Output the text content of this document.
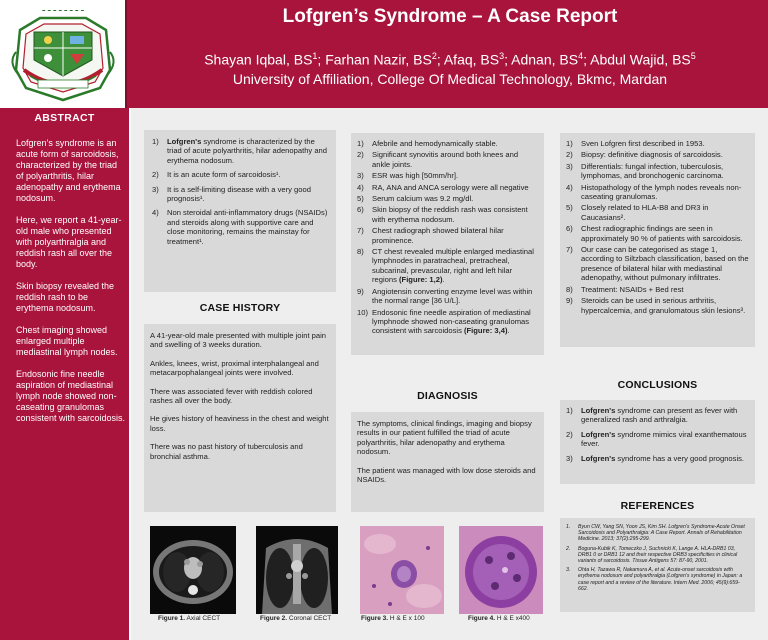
ـ ـ ـ ـ ـ ـ ـ ـ	Lofgren’s Syndrome – A Case Report
Shayan Iqbal, $BS^1$; Farhan Nazir, $BS^2$; Afaq, $BS^3$; Adnan, $BS^4$; Abdul Wajid, $BS^5$
University of Affiliation, College Of Medical Technology, Bkmc, Mardan
ABSTRACT

Lofgren’s syndrome is an acute form of sarcoidosis, characterized by the triad of polyarthritis, hilar adenopathy and erythema nodosum.

Here, we report a 41-year-old male who presented with polyarthralgia and reddish rash all over the body.

Skin biopsy revealed the reddish rash to be erythema nodosum.

Chest imaging showed enlarged multiple mediastinal lymph nodes.

Endosonic fine needle aspiration of mediastinal lymph node showed non-caseating granulomas consistent with sarcoidosis.

1) Lofgren's syndrome is characterized by the triad of acute polyarthritis, hilar adenopathy and erythema nodosum.
2) It is an acute form of sarcoidosis¹.
3) It is a self-limiting disease with a very good prognosis¹.
4) Non steroidal anti-inflammatory drugs (NSAIDs) and steroids along with supportive care and close monitoring, remains the mainstay for treatment¹.
CASE HISTORY

A 41-year-old male presented with multiple joint pain and swelling of 3 weeks duration.

Ankles, knees, wrist, proximal interphalangeal and metacarpophalangeal joints were involved.

There was associated fever with reddish colored rashes all over the body.

He gives history of heaviness in the chest and weight loss.

There was no past history of tuberculosis and bronchial asthma.

1) Afebrile and hemodynamically stable.
2) Significant synovitis around both knees and ankle joints.
3) ESR was high [50mm/hr].
4) RA, ANA and ANCA serology were all negative
5) Serum calcium was 9.2 mg/dl.
6) Skin biopsy of the reddish rash was consistent with erythema nodosum.
7) Chest radiograph showed bilateral hilar prominence.
8) CT chest revealed multiple enlarged mediastinal lymphnodes in paratracheal, pretracheal, subcarinal, prevascular, right and left hilar regions (Figure: 1,2).
9) Angiotensin converting enzyme level was within the normal range [36 U/L].
10) Endosonic fine needle aspiration of mediastinal lymphnode showed non-caseating granulomas consistent with sarcoidosis (Figure: 3,4).
DIAGNOSIS

The symptoms, clinical findings, imaging and biopsy results in our patient fulfilled the triad of acute polyarthritis, hilar adenopathy and erythema nodosum.

The patient was managed with low dose steroids and NSAIDs.

1) Sven Lofgren first described in 1953.
2) Biopsy: definitive diagnosis of sarcoidosis.
3) Differentials: fungal infection, tuberculosis, lymphomas, and bronchogenic carcinoma.
4) Histopathology of the lymph nodes reveals non-caseating granulomas.
5) Closely related to HLA-B8 and DR3 in Caucasians².
6) Chest radiographic findings are seen in approximately 90 % of patients with sarcoidosis.
7) Our case can be categorised as stage 1, according to Siltzbach classification, based on the presence of bilateral hilar with mediastinal adenopathy, without pulmonary infiltrates.
8) Treatment: NSAIDs + Bed rest
9) Steroids can be used in serious arthritis, hypercalcemia, and granulomatous skin lesions³.
CONCLUSIONS
1) Lofgren's syndrome can present as fever with generalized rash and arthralgia.
2) Lofgren's syndrome mimics viral exanthematous fever.
3) Lofgren's syndrome has a very good prognosis.
REFERENCES
1. Byun CW, Yang SN, Yoon JS, Kim SH. Lofgren's Syndrome-Acute Onset Sarcoidosis and Polyarthralgia: A Case Report. Annals of Rehabilitation Medicine. 2013; 37(2):295-299.
2. Boguna-Kubik K, Tomeczko J, Suchnicki K, Lange A. HLA-DRB1 03, DRB1 0 or DRB1 12 and their respective DRB3 specificities in clinical variants of sarcoidosis. Tissue Antigens 57: 87-90, 2001.
3. Ohta H, Tazawa R, Nakamura A, et al. Acute-onset sarcoidosis with erythema nodosum and polyarthralgia (Lofgren's syndrome) in Japan: a case report and a review of the literature. Intern Med. 2006; 45(9):659-662.
Figure 1. Axial CECT	Figure 2. Coronal CECT	Figure 3. H & E x 100	Figure 4. H & E x400
